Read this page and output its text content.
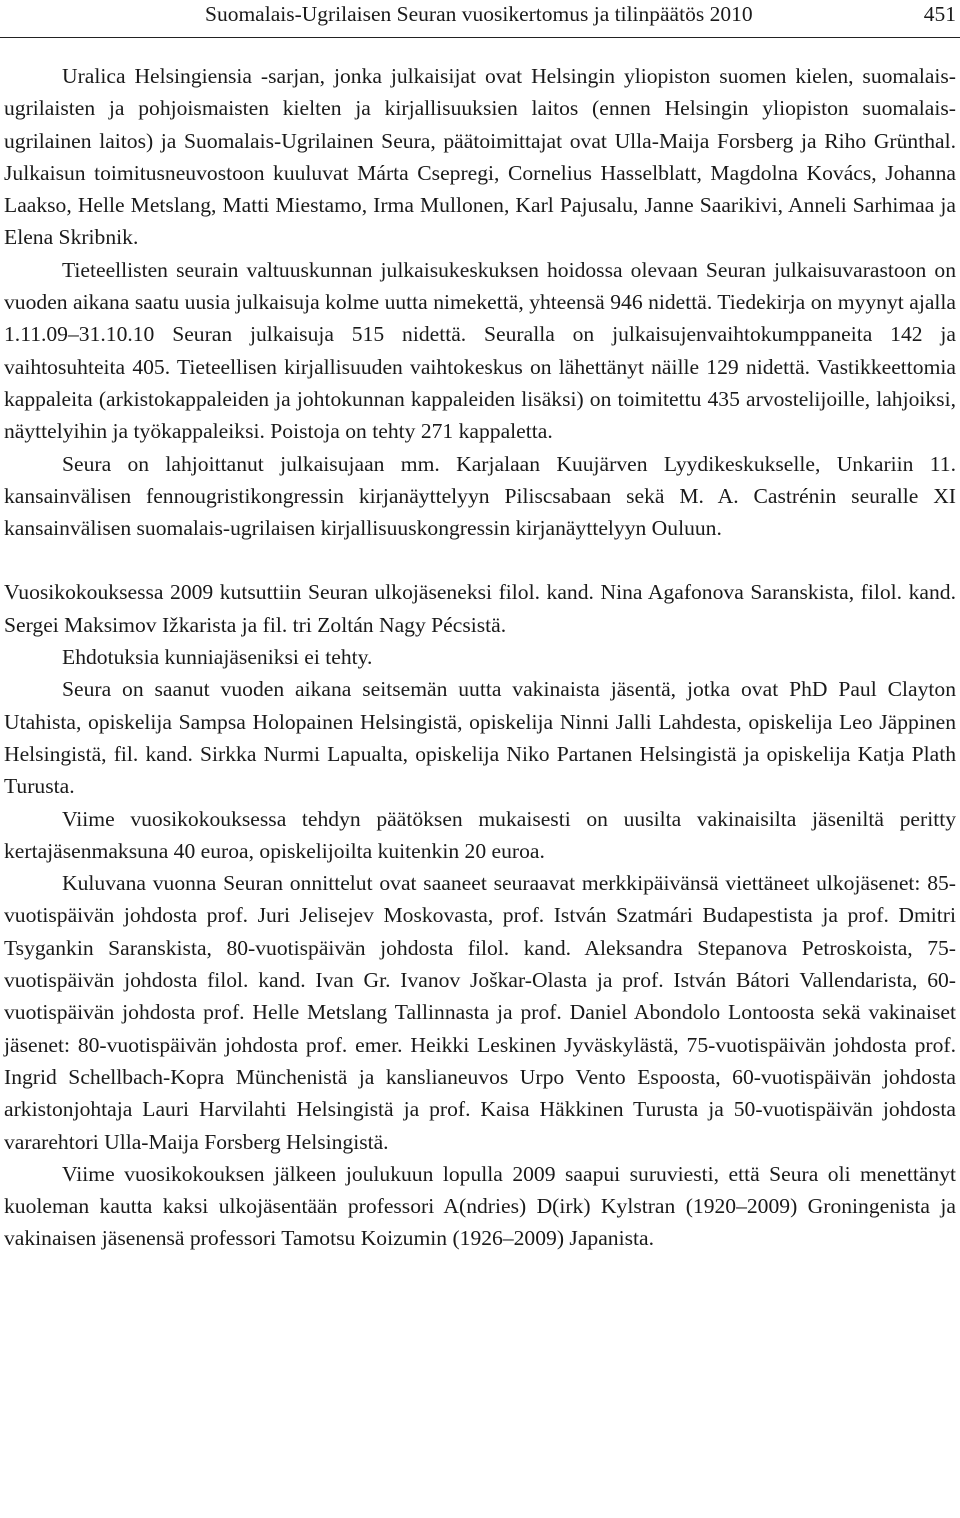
Suomalais-Ugrilaisen Seuran vuosikertomus ja tilinpäätös 2010	451

Uralica Helsingiensia -sarjan, jonka julkaisijat ovat Helsingin yliopiston suomen kielen, suomalais-ugrilaisten ja pohjoismaisten kielten ja kirjallisuuksien laitos (ennen Helsingin yliopiston suomalais-ugrilainen laitos) ja Suomalais-Ugrilainen Seura, päätoimittajat ovat Ulla-Maija Forsberg ja Riho Grünthal. Julkaisun toimitusneuvostoon kuuluvat Márta Csepregi, Cornelius Hasselblatt, Magdolna Kovács, Johanna Laakso, Helle Metslang, Matti Miestamo, Irma Mullonen, Karl Pajusalu, Janne Saarikivi, Anneli Sarhimaa ja Elena Skribnik.

Tieteellisten seurain valtuuskunnan julkaisukeskuksen hoidossa olevaan Seuran julkaisuvarastoon on vuoden aikana saatu uusia julkaisuja kolme uutta nimekettä, yhteensä 946 nidettä. Tiedekirja on myynyt ajalla 1.11.09–31.10.10 Seuran julkaisuja 515 nidettä. Seuralla on julkaisujenvaihtokumppaneita 142 ja vaihtosuhteita 405. Tieteellisen kirjallisuuden vaihtokeskus on lähettänyt näille 129 nidettä. Vastikkeettomia kappaleita (arkistokappaleiden ja johtokunnan kappaleiden lisäksi) on toimitettu 435 arvostelijoille, lahjoiksi, näyttelyihin ja työkappaleiksi. Poistoja on tehty 271 kappaletta.

Seura on lahjoittanut julkaisujaan mm. Karjalaan Kuujärven Lyydikeskukselle, Unkariin 11. kansainvälisen fennougristikongressin kirjanäyttelyyn Piliscsabaan sekä M. A. Castrénin seuralle XI kansainvälisen suomalais-ugrilaisen kirjallisuuskongressin kirjanäyttelyyn Ouluun.

Vuosikokouksessa 2009 kutsuttiin Seuran ulkojäseneksi filol. kand. Nina Agafonova Saranskista, filol. kand. Sergei Maksimov Ižkarista ja fil. tri Zoltán Nagy Pécsistä.

Ehdotuksia kunniajäseniksi ei tehty.

Seura on saanut vuoden aikana seitsemän uutta vakinaista jäsentä, jotka ovat PhD Paul Clayton Utahista, opiskelija Sampsa Holopainen Helsingistä, opiskelija Ninni Jalli Lahdesta, opiskelija Leo Jäppinen Helsingistä, fil. kand. Sirkka Nurmi Lapualta, opiskelija Niko Partanen Helsingistä ja opiskelija Katja Plath Turusta.

Viime vuosikokouksessa tehdyn päätöksen mukaisesti on uusilta vakinaisilta jäseniltä peritty kertajäsenmaksuna 40 euroa, opiskelijoilta kuitenkin 20 euroa.

Kuluvana vuonna Seuran onnittelut ovat saaneet seuraavat merkkipäivänsä viettäneet ulkojäsenet: 85-vuotispäivän johdosta prof. Juri Jelisejev Moskovasta, prof. István Szatmári Budapestista ja prof. Dmitri Tsygankin Saranskista, 80-vuotispäivän johdosta filol. kand. Aleksandra Stepanova Petroskoista, 75-vuotispäivän johdosta filol. kand. Ivan Gr. Ivanov Joškar-Olasta ja prof. István Bátori Vallendarista, 60-vuotispäivän johdosta prof. Helle Metslang Tallinnasta ja prof. Daniel Abondolo Lontoosta sekä vakinaiset jäsenet: 80-vuotispäivän johdosta prof. emer. Heikki Leskinen Jyväskylästä, 75-vuotispäivän johdosta prof. Ingrid Schellbach-Kopra Münchenistä ja kanslianeuvos Urpo Vento Espoosta, 60-vuotispäivän johdosta arkistonjohtaja Lauri Harvilahti Helsingistä ja prof. Kaisa Häkkinen Turusta ja 50-vuotispäivän johdosta vararehtori Ulla-Maija Forsberg Helsingistä.

Viime vuosikokouksen jälkeen joulukuun lopulla 2009 saapui suruviesti, että Seura oli menettänyt kuoleman kautta kaksi ulkojäsentään professori A(ndries) D(irk) Kylstran (1920–2009) Groningenista ja vakinaisen jäsenensä professori Tamotsu Koizumin (1926–2009) Japanista.
